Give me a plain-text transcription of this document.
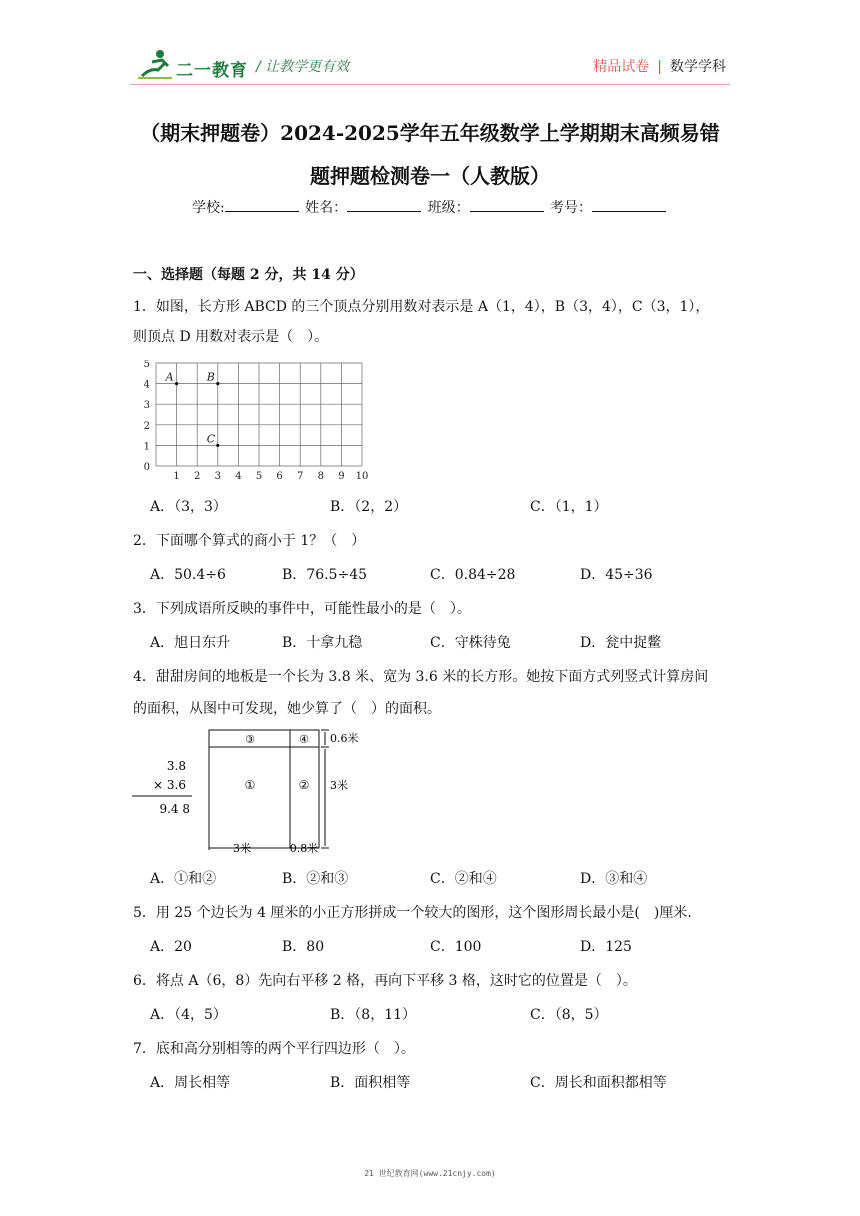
二一教育 / 让教学更有效	精品试卷 | 数学学科
（期末押题卷）2024-2025学年五年级数学上学期期末高频易错
题押题检测卷一（人教版）
学校:	姓名：	班级：	考号：
一、选择题（每题 2 分，共 14 分）
1．如图，长方形 ABCD 的三个顶点分别用数对表示是 A（1，4），B（3，4），C（3，1），
则顶点 D 用数对表示是（　）。
1 2 3 4 5 6 7 8 9 10
0
1
2
3
4
5
A	B
C
A．（3，3）	B．（2，2）	C．（1，1）
2．下面哪个算式的商小于 1？（　）
A．50.4÷6	B．76.5÷45	C．0.84÷28	D．45÷36
3．下列成语所反映的事件中，可能性最小的是（　）。
A．旭日东升	B．十拿九稳	C．守株待兔	D．瓮中捉鳖
4．甜甜房间的地板是一个长为 3.8 米、宽为 3.6 米的长方形。她按下面方式列竖式计算房间
的面积，从图中可发现，她少算了（　）的面积。
3.8
× 3.6
9.4 8
③	④
①	②
0.6米
3米
3米	0.8米
A．①和②	B．②和③	C．②和④	D．③和④
5．用 25 个边长为 4 厘米的小正方形拼成一个较大的图形，这个图形周长最小是(　)厘米.
A．20	B．80	C．100	D．125
6．将点 A（6，8）先向右平移 2 格，再向下平移 3 格，这时它的位置是（　）。
A．（4，5）	B．（8，11）	C．（8，5）
7．底和高分别相等的两个平行四边形（　）。
A．周长相等	B．面积相等	C．周长和面积都相等
21 世纪教育网(www.21cnjy.com)
